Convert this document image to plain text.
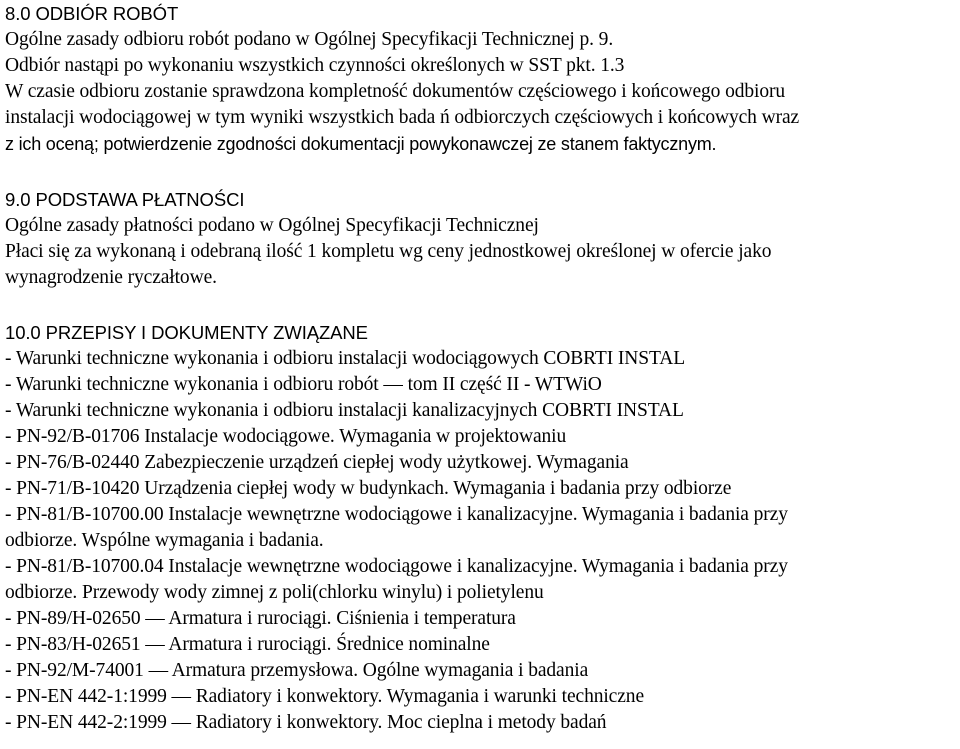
8.0 ODBIÓR ROBÓT
Ogólne zasady odbioru robót podano w Ogólnej Specyfikacji Technicznej p. 9.
Odbiór nastąpi po wykonaniu wszystkich czynności określonych w SST pkt. 1.3
W czasie odbioru zostanie sprawdzona kompletność dokumentów częściowego i końcowego odbioru
instalacji wodociągowej w tym wyniki wszystkich bada ń odbiorczych częściowych i końcowych wraz
z ich oceną; potwierdzenie zgodności dokumentacji powykonawczej ze stanem faktycznym.
9.0 PODSTAWA PŁATNOŚCI
Ogólne zasady płatności podano w Ogólnej Specyfikacji Technicznej
Płaci się za wykonaną i odebraną ilość 1 kompletu wg ceny jednostkowej określonej w ofercie jako
wynagrodzenie ryczałtowe.
10.0 PRZEPISY I DOKUMENTY ZWIĄZANE
- Warunki techniczne wykonania i odbioru instalacji wodociągowych COBRTI INSTAL
- Warunki techniczne wykonania i odbioru robót — tom II część II - WTWiO
- Warunki techniczne wykonania i odbioru instalacji kanalizacyjnych COBRTI INSTAL
- PN-92/B-01706 Instalacje wodociągowe. Wymagania w projektowaniu
- PN-76/B-02440 Zabezpieczenie urządzeń ciepłej wody użytkowej. Wymagania
- PN-71/B-10420 Urządzenia ciepłej wody w budynkach. Wymagania i badania przy odbiorze
- PN-81/B-10700.00 Instalacje wewnętrzne wodociągowe i kanalizacyjne. Wymagania i badania przy
odbiorze. Wspólne wymagania i badania.
- PN-81/B-10700.04 Instalacje wewnętrzne wodociągowe i kanalizacyjne. Wymagania i badania przy
odbiorze. Przewody wody zimnej z poli(chlorku winylu) i polietylenu
- PN-89/H-02650 — Armatura i rurociągi. Ciśnienia i temperatura
- PN-83/H-02651 — Armatura i rurociągi. Średnice nominalne
- PN-92/M-74001 — Armatura przemysłowa. Ogólne wymagania i badania
- PN-EN 442-1:1999 — Radiatory i konwektory. Wymagania i warunki techniczne
- PN-EN 442-2:1999 — Radiatory i konwektory. Moc cieplna i metody badań
